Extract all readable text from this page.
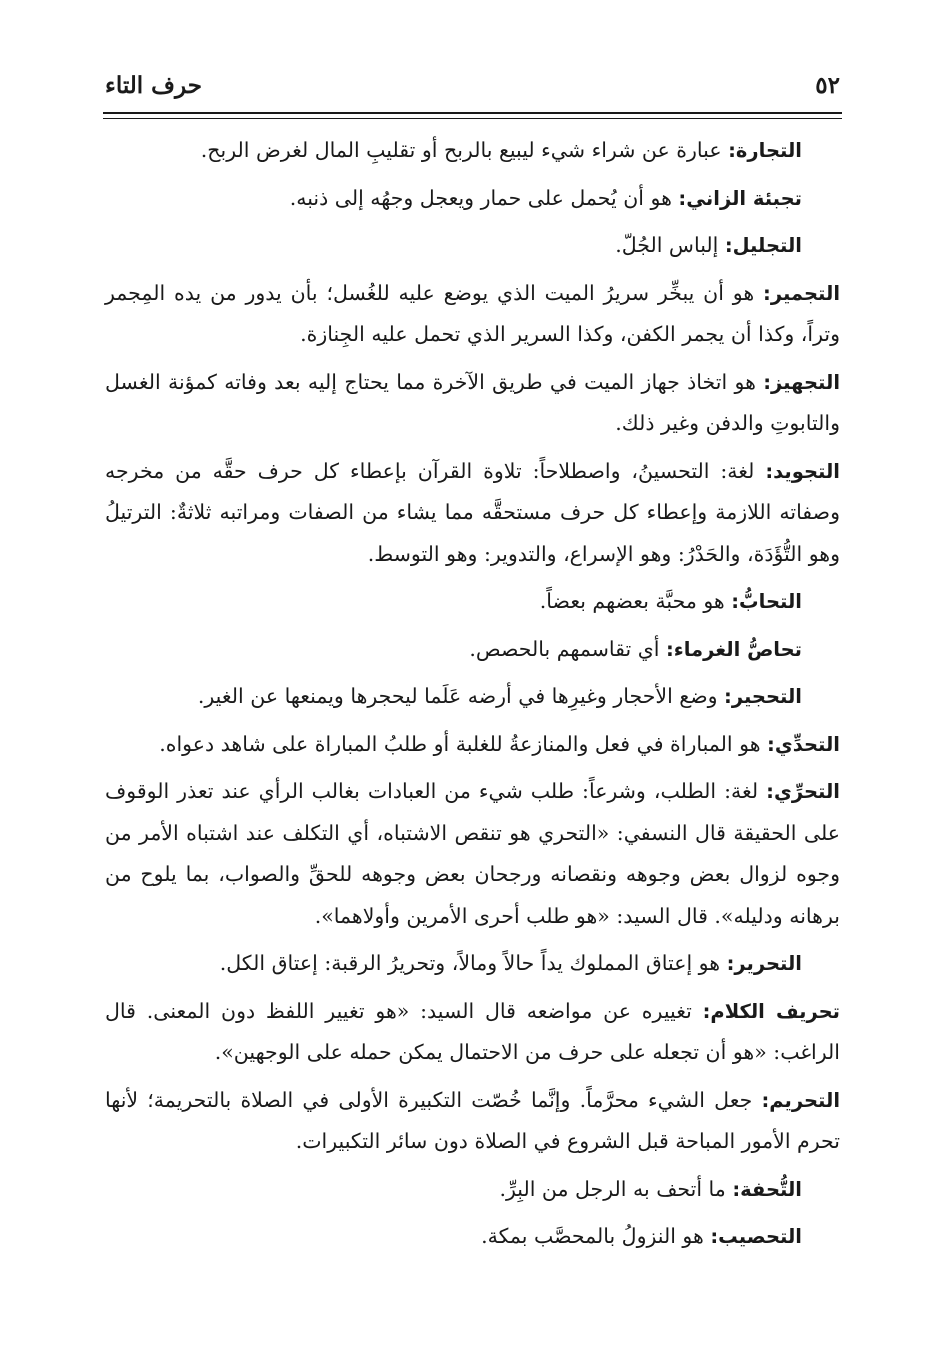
٥٢
حرف التاء

التجارة: عبارة عن شراء شيء ليبيع بالربح أو تقليبِ المال لغرض الربح.

تجبئة الزاني: هو أن يُحمل على حمار ويعجل وجهُه إلى ذنبه.

التجليل: إلباس الجُلّ.

التجمير: هو أن يبخِّر سريرُ الميت الذي يوضع عليه للغُسل؛ بأن يدور من يده المِجمر وتراً، وكذا أن يجمر الكفن، وكذا السرير الذي تحمل عليه الجِنازة.

التجهيز: هو اتخاذ جهاز الميت في طريق الآخرة مما يحتاج إليه بعد وفاته كمؤنة الغسل والتابوتِ والدفن وغير ذلك.

التجويد: لغة: التحسينُ، واصطلاحاً: تلاوة القرآن بإعطاء كل حرف حقَّه من مخرجه وصفاته اللازمة وإعطاء كل حرف مستحقَّه مما يشاء من الصفات ومراتبه ثلاثةٌ: الترتيلُ وهو التُّؤَدَة، والحَدْرُ: وهو الإسراع، والتدوير: وهو التوسط.

التحابُّ: هو محبَّة بعضهم بعضاً.

تحاصُّ الغرماء: أي تقاسمهم بالحصص.

التحجير: وضع الأحجار وغيرِها في أرضه عَلَما ليحجرها ويمنعها عن الغير.

التحدِّي: هو المباراة في فعل والمنازعةُ للغلبة أو طلبُ المباراة على شاهد دعواه.

التحرِّي: لغة: الطلب، وشرعاً: طلب شيء من العبادات بغالب الرأي عند تعذر الوقوف على الحقيقة قال النسفي: «التحري هو تنقص الاشتباه، أي التكلف عند اشتباه الأمر من وجوه لزوال بعض وجوهه ونقصانه ورجحان بعض وجوهه للحقِّ والصواب، بما يلوح من برهانه ودليله». قال السيد: «هو طلب أحرى الأمرين وأولاهما».

التحرير: هو إعتاق المملوك يداً حالاً ومالاً، وتحريرُ الرقبة: إعتاق الكل.

تحريف الكلام: تغييره عن مواضعه قال السيد: «هو تغيير اللفظ دون المعنى. قال الراغب: «هو أن تجعله على حرف من الاحتمال يمكن حمله على الوجهين».

التحريم: جعل الشيء محرَّماً. وإنَّما خُصّت التكبيرة الأولى في الصلاة بالتحريمة؛ لأنها تحرم الأمور المباحة قبل الشروع في الصلاة دون سائر التكبيرات.

التُّحفة: ما أتحف به الرجل من البِرِّ.

التحصيب: هو النزولُ بالمحصَّب بمكة.
